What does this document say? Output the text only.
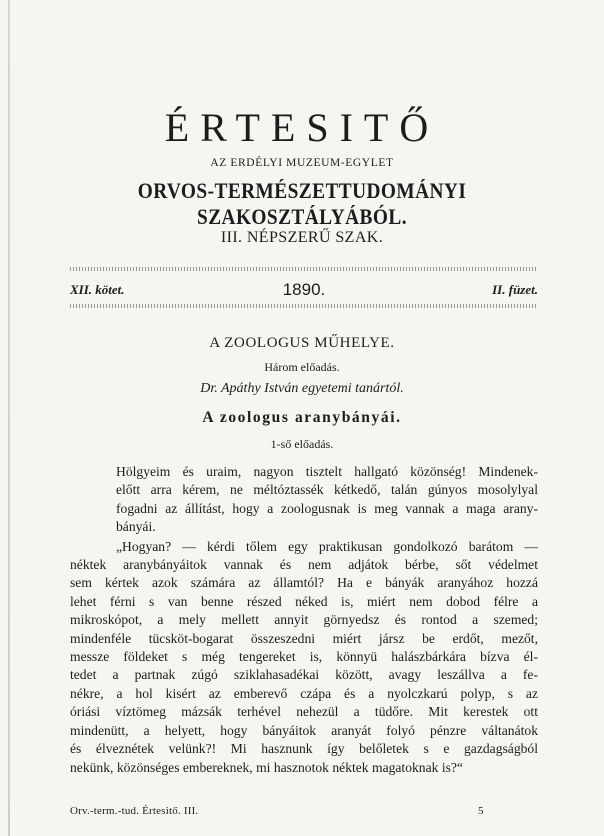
ÉRTESITŐ
AZ ERDÉLYI MUZEUM-EGYLET
ORVOS-TERMÉSZETTUDOMÁNYI SZAKOSZTÁLYÁBÓL.
III. NÉPSZERŰ SZAK.
XII. kötet.	1890.	II. füzet.
A ZOOLOGUS MŰHELYE.
Három előadás.
Dr. Apáthy István egyetemi tanártól.
A zoologus aranybányái.
1-ső előadás.

Hölgyeim és uraim, nagyon tisztelt hallgató közönség! Mindenek-
előtt arra kérem, ne méltóztassék kétkedő, talán gúnyos mosolylyal
fogadni az állítást, hogy a zoologusnak is meg vannak a maga arany-
bányái.

„Hogyan? — kérdi tőlem egy praktikusan gondolkozó barátom —
néktek aranybányáitok vannak és nem adjátok bérbe, sőt védelmet
sem kértek azok számára az államtól? Ha e bányák aranyához hozzá
lehet férni s van benne részed néked is, miért nem dobod félre a
mikroskópot, a mely mellett annyit görnyedsz és rontod a szemed;
mindenféle tücsköt-bogarat összeszedni miért jársz be erdőt, mezőt,
messze földeket s még tengereket is, könnyü halászbárkára bízva él-
tedet a partnak zúgó sziklahasadékai között, avagy leszállva a fe-
nékre, a hol kisért az emberevő czápa és a nyolczkarú polyp, s az
óriási víztömeg mázsák terhével nehezül a tüdőre. Mit kerestek ott
mindenütt, a helyett, hogy bányáitok aranyát folyó pénzre váltanátok
és élveznétek velünk?! Mi hasznunk így belőletek s e gazdagságból
nekünk, közönséges embereknek, mi hasznotok néktek magatoknak is?“

Orv.-term.-tud. Értesitő. III.	5
